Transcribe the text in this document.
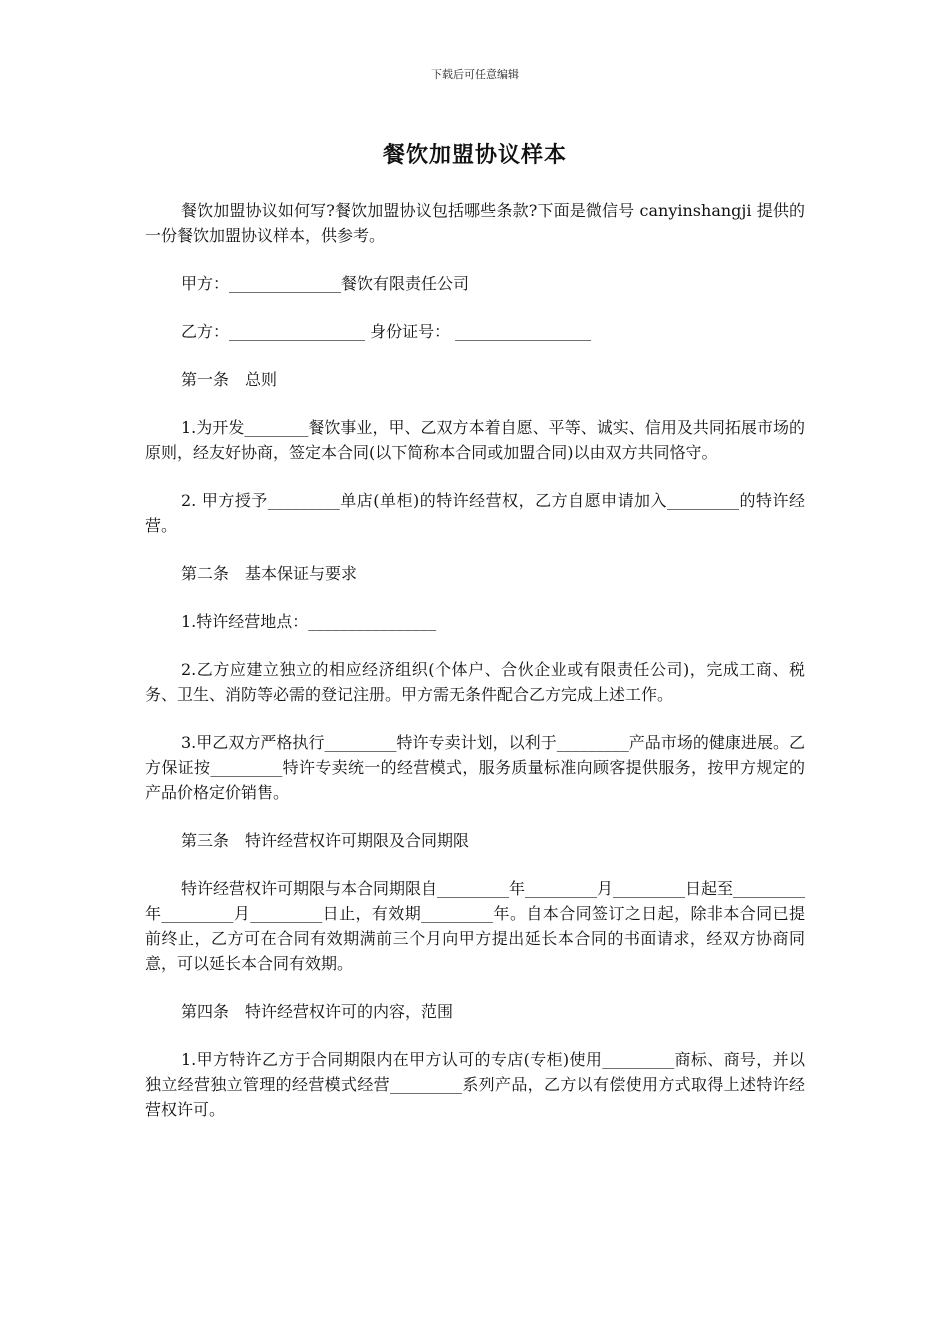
下载后可任意编辑
餐饮加盟协议样本

餐饮加盟协议如何写?餐饮加盟协议包括哪些条款?下面是微信号 canyinshangji 提供的一份餐饮加盟协议样本，供参考。

甲方：______________餐饮有限责任公司

乙方：_________________ 身份证号： _________________

第一条　总则

1.为开发________餐饮事业，甲、乙双方本着自愿、平等、诚实、信用及共同拓展市场的原则，经友好协商，签定本合同(以下简称本合同或加盟合同)以由双方共同恪守。

2. 甲方授予_________单店(单柜)的特许经营权，乙方自愿申请加入_________的特许经营。

第二条　基本保证与要求

1.特许经营地点：________________

2.乙方应建立独立的相应经济组织(个体户、合伙企业或有限责任公司)，完成工商、税务、卫生、消防等必需的登记注册。甲方需无条件配合乙方完成上述工作。

3.甲乙双方严格执行_________特许专卖计划，以利于_________产品市场的健康进展。乙方保证按_________特许专卖统一的经营模式，服务质量标准向顾客提供服务，按甲方规定的产品价格定价销售。

第三条　特许经营权许可期限及合同期限

特许经营权许可期限与本合同期限自_________年_________月_________日起至_________年_________月_________日止，有效期_________年。自本合同签订之日起，除非本合同已提前终止，乙方可在合同有效期满前三个月向甲方提出延长本合同的书面请求，经双方协商同意，可以延长本合同有效期。

第四条　特许经营权许可的内容，范围

1.甲方特许乙方于合同期限内在甲方认可的专店(专柜)使用_________商标、商号，并以独立经营独立管理的经营模式经营_________系列产品，乙方以有偿使用方式取得上述特许经营权许可。
